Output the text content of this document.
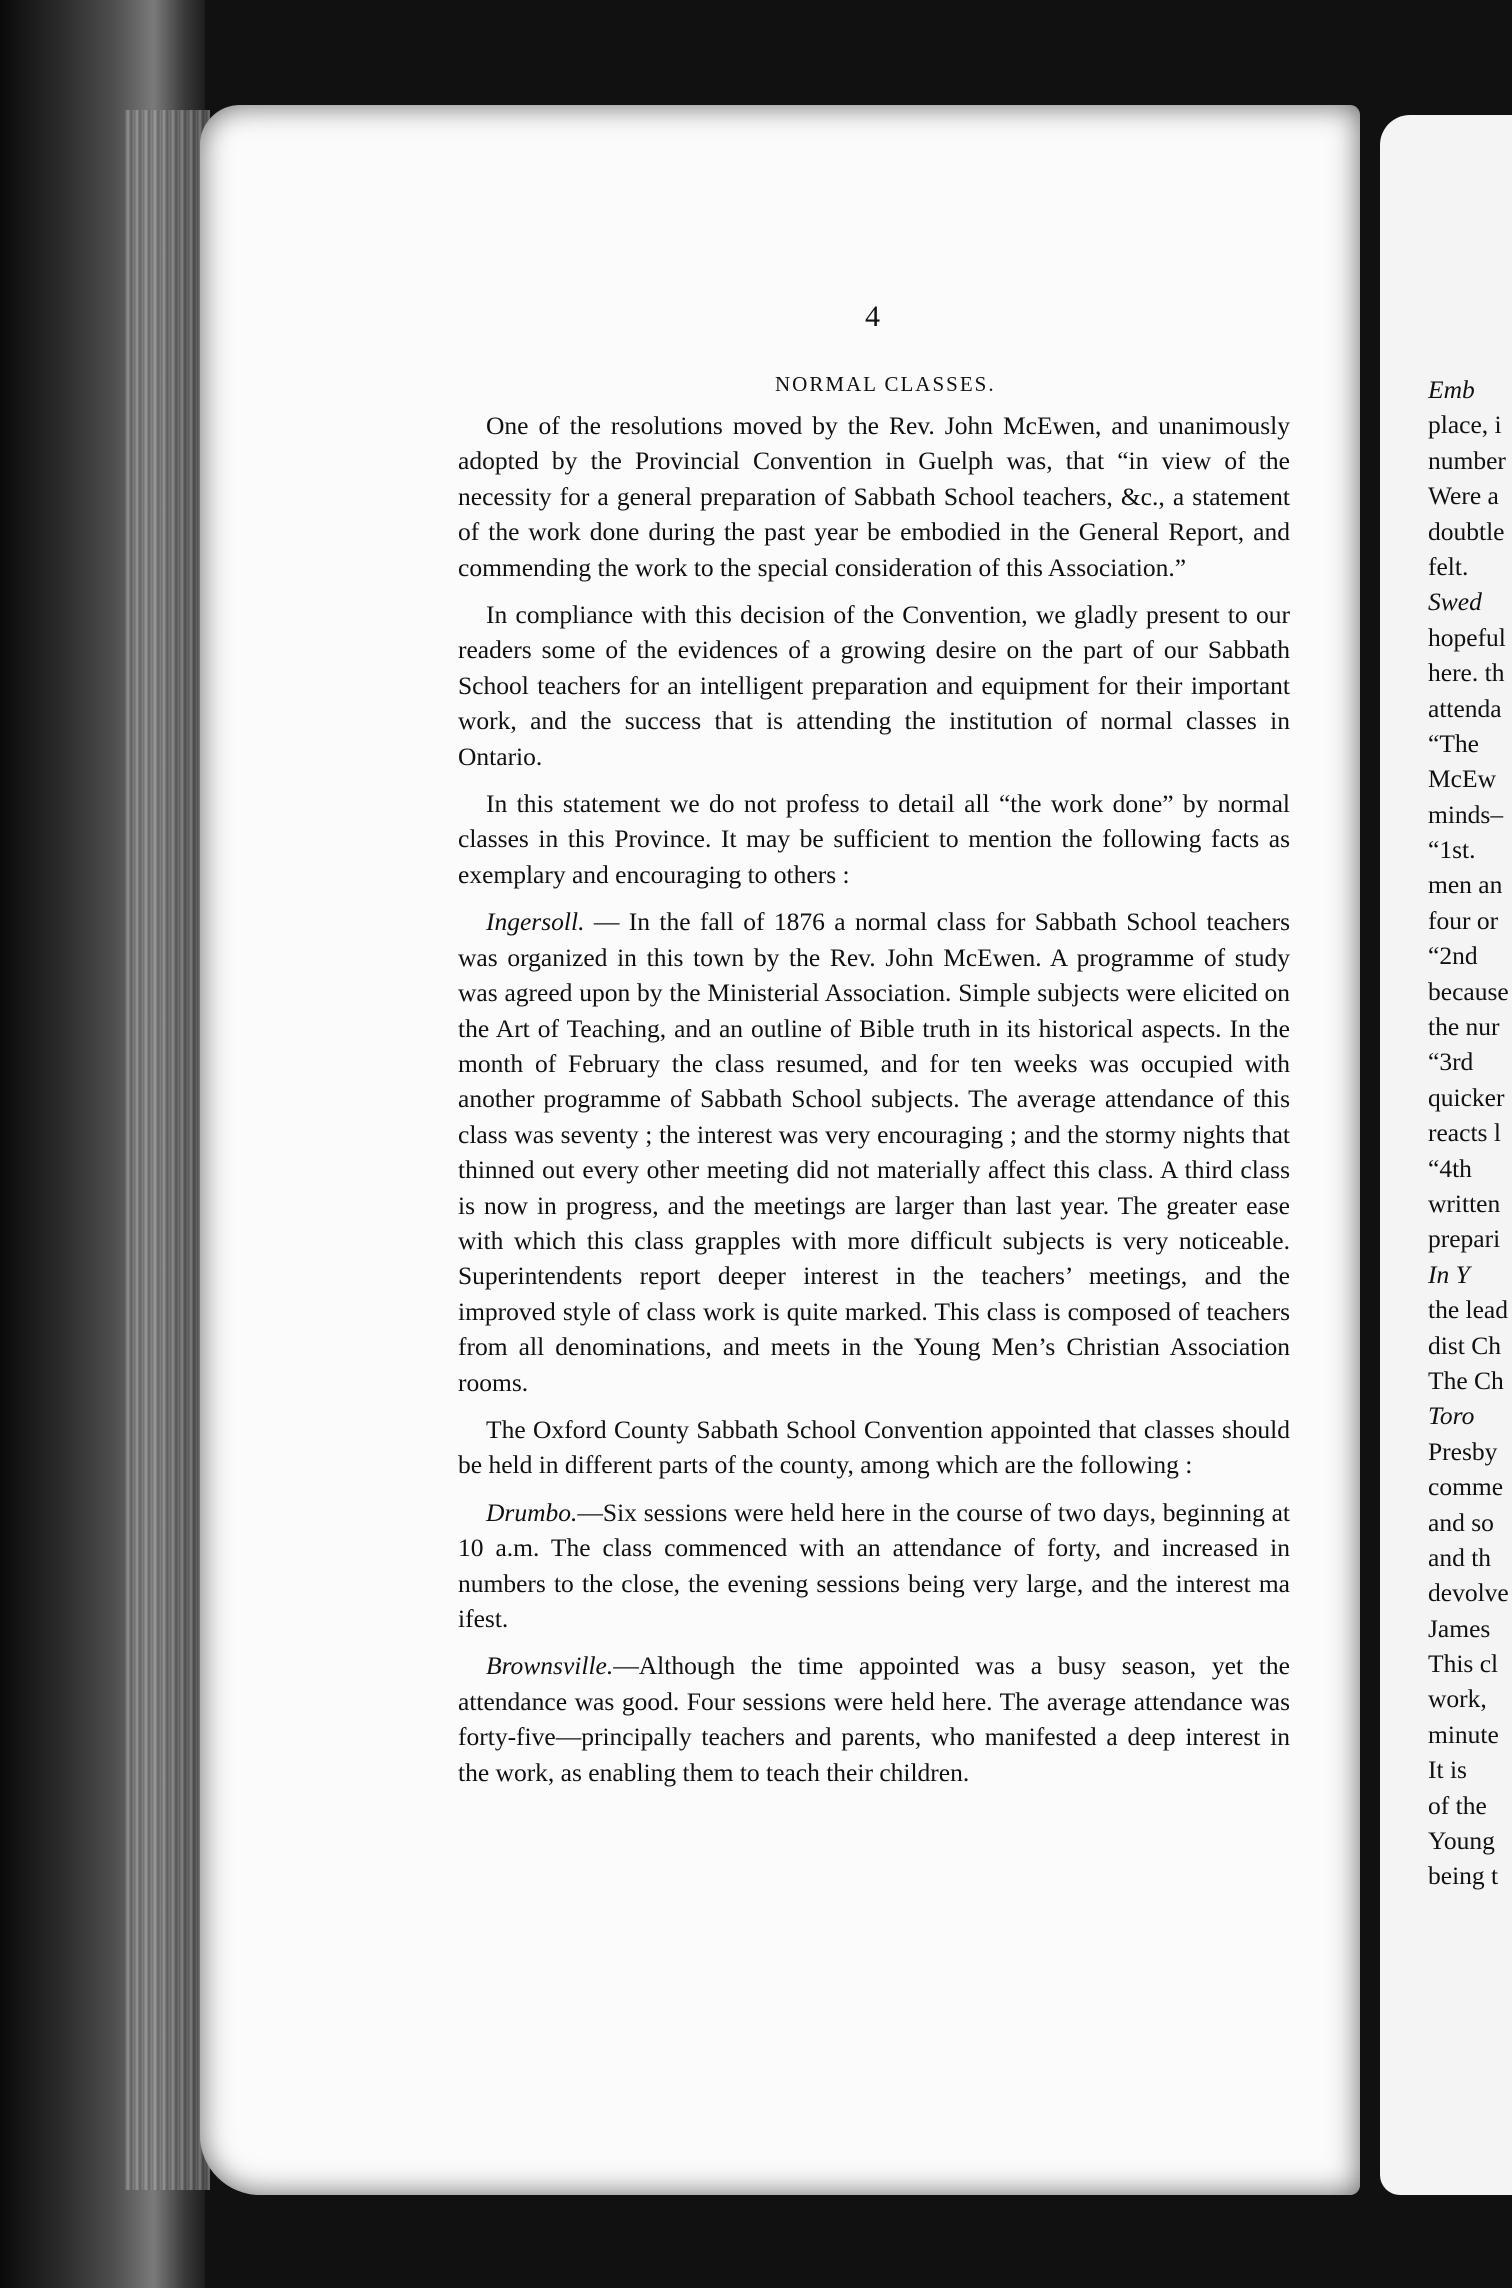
4
NORMAL CLASSES.

One of the resolutions moved by the Rev. John McEwen, and unanimously adopted by the Provincial Convention in Guelph was, that “in view of the necessity for a general preparation of Sabbath School teachers, &c., a statement of the work done during the past year be embodied in the General Report, and commending the work to the special consideration of this Association.”

In compliance with this decision of the Convention, we gladly present to our readers some of the evidences of a growing desire on the part of our Sabbath School teachers for an intelligent preparation and equipment for their important work, and the success that is attending the institution of normal classes in Ontario.

In this statement we do not profess to detail all “the work done” by normal classes in this Province. It may be sufficient to mention the following facts as exemplary and encouraging to others :

Ingersoll. — In the fall of 1876 a normal class for Sabbath School teachers was organized in this town by the Rev. John McEwen. A programme of study was agreed upon by the Ministerial Association. Simple subjects were elicited on the Art of Teaching, and an outline of Bible truth in its historical aspects. In the month of February the class resumed, and for ten weeks was occupied with another programme of Sabbath School subjects. The average attendance of this class was seventy ; the interest was very encouraging ; and the stormy nights that thinned out every other meeting did not materially affect this class. A third class is now in progress, and the meetings are larger than last year. The greater ease with which this class grapples with more difficult subjects is very noticeable. Superintendents report deeper interest in the teachers’ meetings, and the improved style of class work is quite marked. This class is composed of teachers from all denominations, and meets in the Young Men’s Christian Association rooms.

The Oxford County Sabbath School Convention appointed that classes should be held in different parts of the county, among which are the following :

Drumbo.—Six sessions were held here in the course of two days, beginning at 10 a.m. The class commenced with an attendance of forty, and increased in numbers to the close, the evening sessions being very large, and the interest ma ifest.

Brownsville.—Although the time appointed was a busy season, yet the attendance was good. Four sessions were held here. The average attendance was forty-five—principally teachers and parents, who manifested a deep interest in the work, as enabling them to teach their children.

Emb
place, i
number
Were a
doubtle
felt.
Swed
hopeful
here. th
attenda
“The
McEw
minds–
“1st.
men an
four or
“2nd
because
the nur
“3rd
quicker
reacts l
“4th
written
prepari
In Y
the lead
dist Ch
The Ch
Toro
Presby
comme
and so
and th
devolve
James
This cl
work,
minute
It is
of the
Young
being t
